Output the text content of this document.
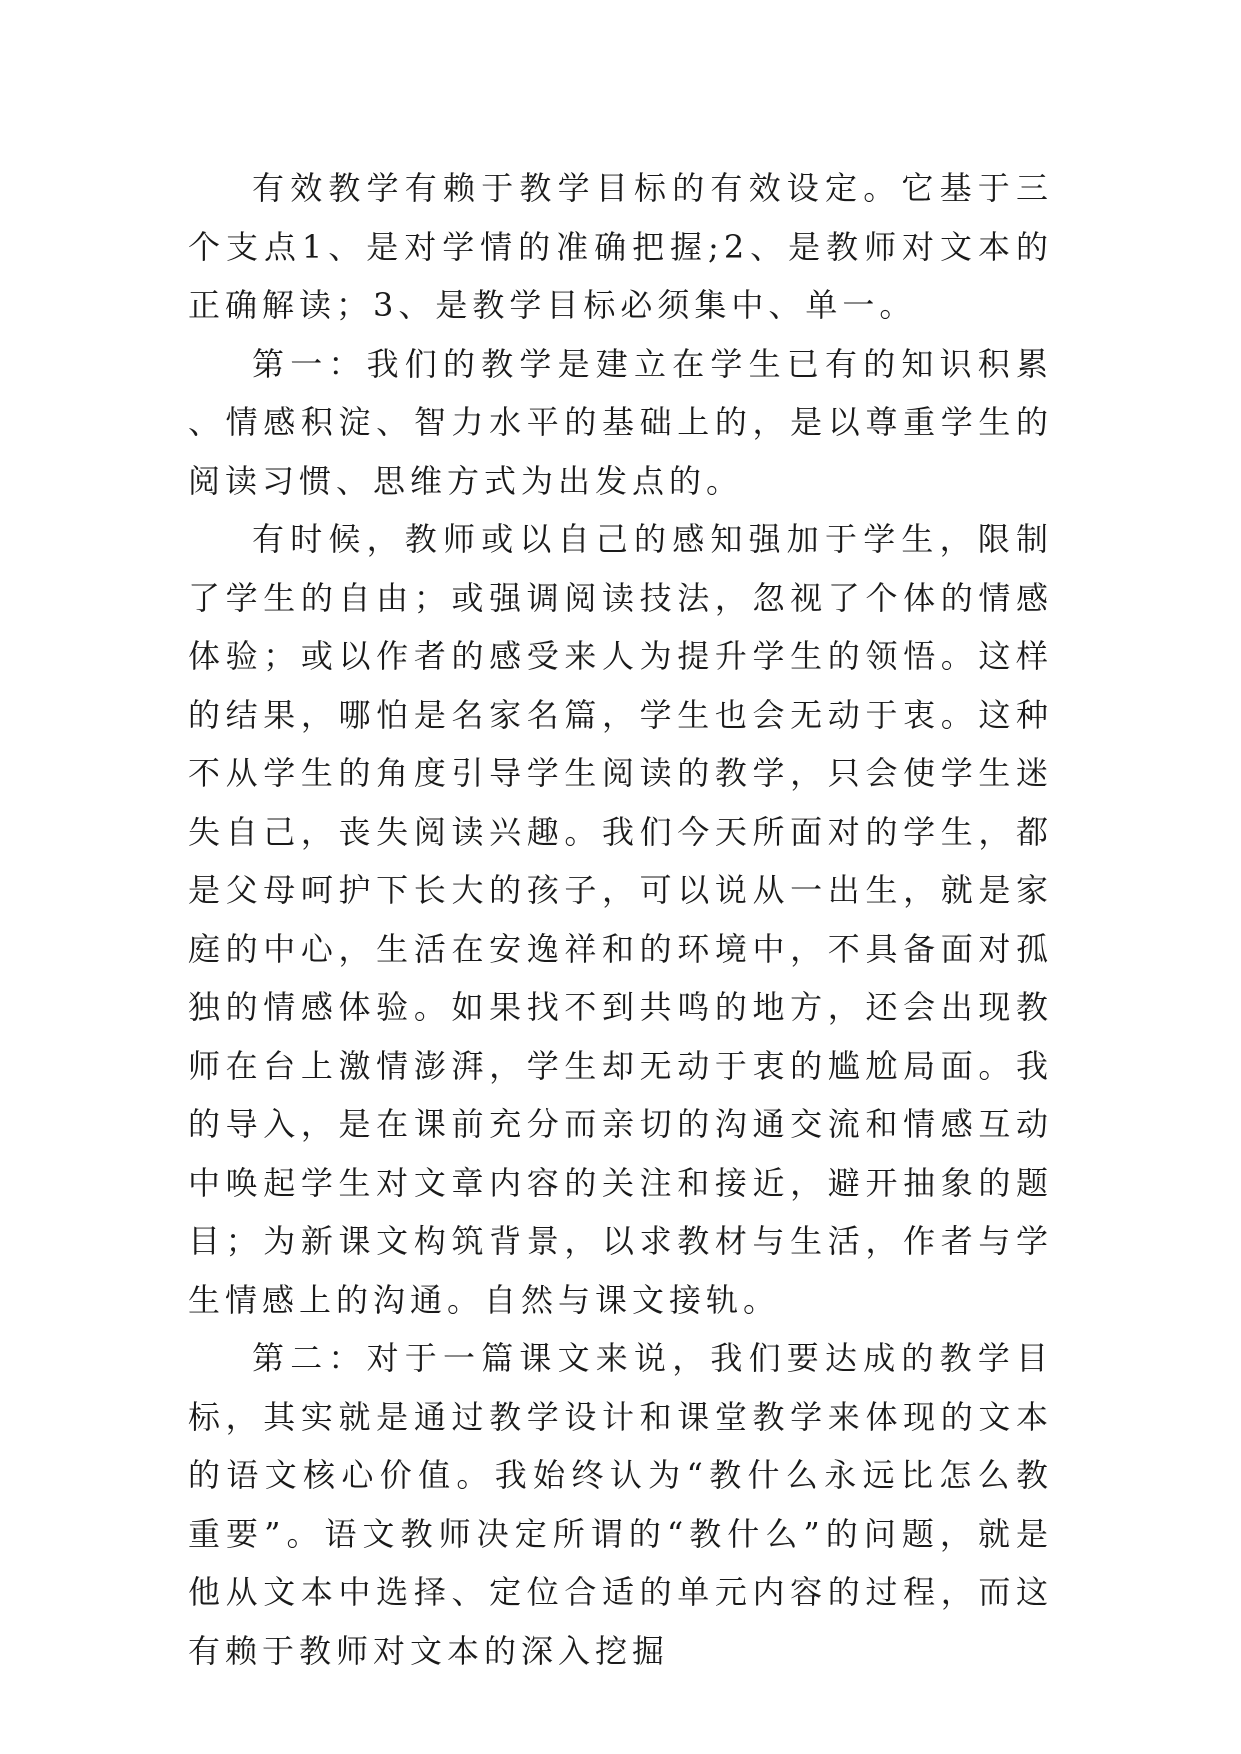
有效教学有赖于教学目标的有效设定。它基于三个支点1、是对学情的准确把握;2、是教师对文本的正确解读；3、是教学目标必须集中、单一。

第一：我们的教学是建立在学生已有的知识积累、情感积淀、智力水平的基础上的，是以尊重学生的阅读习惯、思维方式为出发点的。

有时候，教师或以自己的感知强加于学生，限制了学生的自由；或强调阅读技法，忽视了个体的情感体验；或以作者的感受来人为提升学生的领悟。这样的结果，哪怕是名家名篇，学生也会无动于衷。这种不从学生的角度引导学生阅读的教学，只会使学生迷失自己，丧失阅读兴趣。我们今天所面对的学生，都是父母呵护下长大的孩子，可以说从一出生，就是家庭的中心，生活在安逸祥和的环境中，不具备面对孤独的情感体验。如果找不到共鸣的地方，还会出现教师在台上激情澎湃，学生却无动于衷的尴尬局面。我的导入，是在课前充分而亲切的沟通交流和情感互动中唤起学生对文章内容的关注和接近，避开抽象的题目；为新课文构筑背景，以求教材与生活，作者与学生情感上的沟通。自然与课文接轨。

第二：对于一篇课文来说，我们要达成的教学目标，其实就是通过教学设计和课堂教学来体现的文本的语文核心价值。我始终认为“教什么永远比怎么教重要”。语文教师决定所谓的“教什么”的问题，就是他从文本中选择、定位合适的单元内容的过程，而这有赖于教师对文本的深入挖掘
